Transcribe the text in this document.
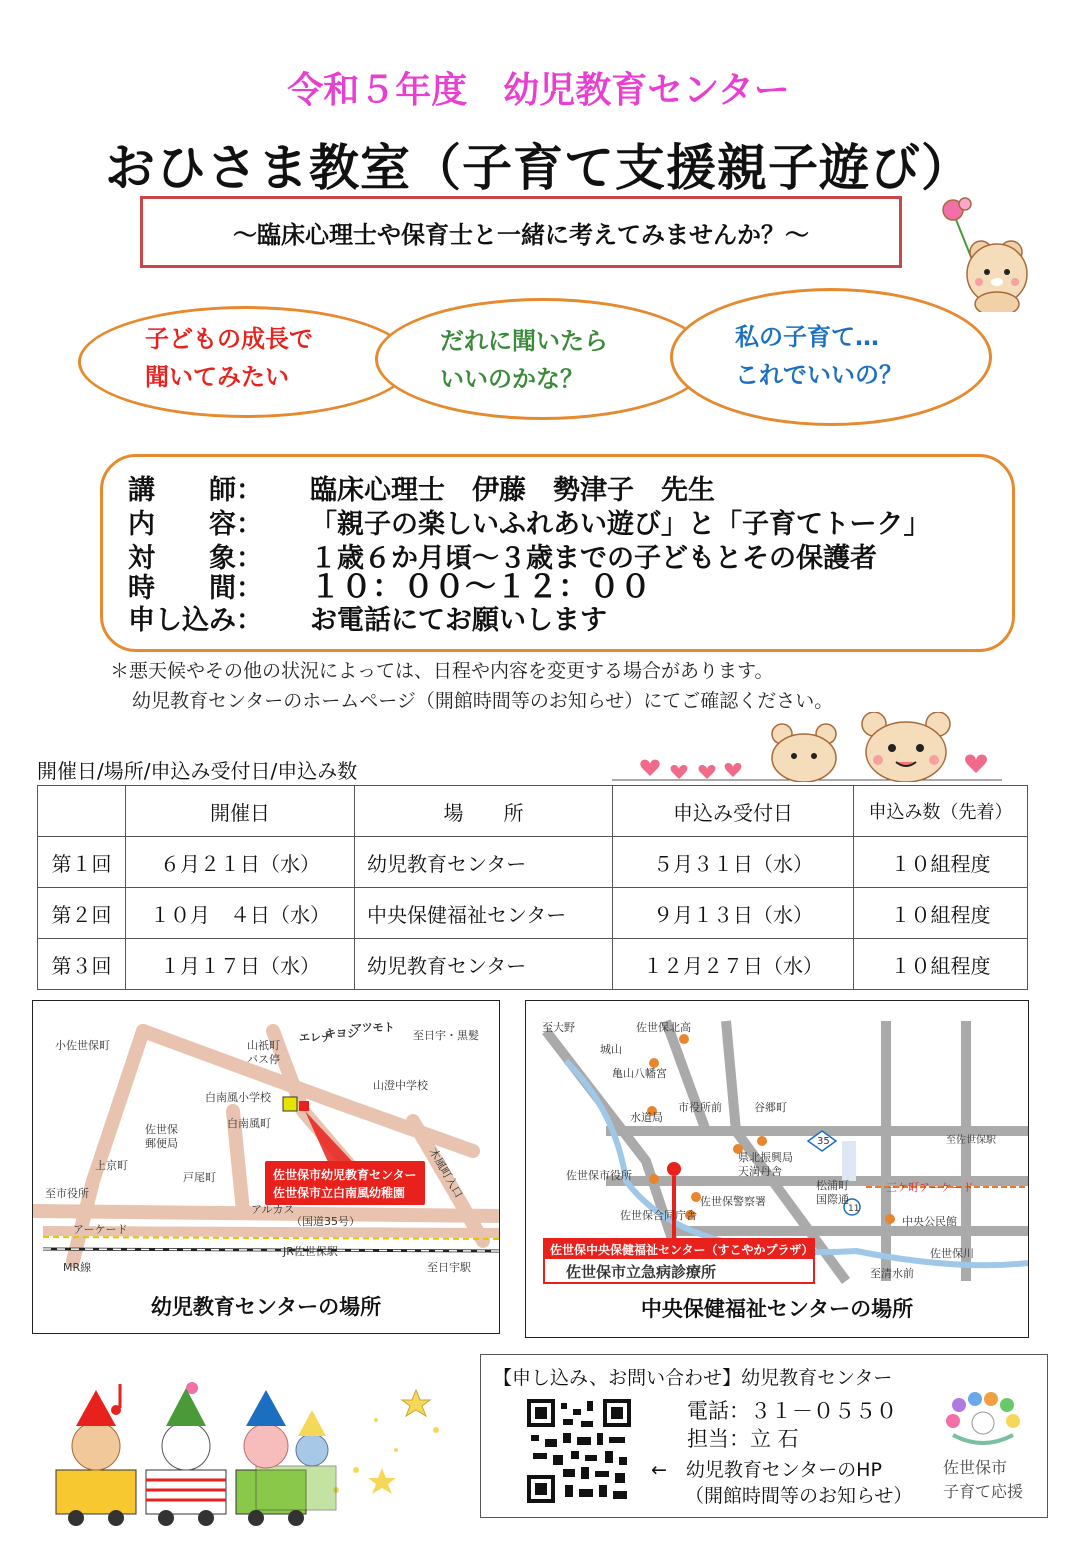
令和５年度　幼児教育センター
おひさま教室（子育て支援親子遊び）
～臨床心理士や保育士と一緒に考えてみませんか？～
子どもの成長で
聞いてみたい
だれに聞いたら
いいのかな？
私の子育て…
これでいいの？
講　　師： 臨床心理士　伊藤　勢津子　先生
内　　容： 「親子の楽しいふれあい遊び」と「子育てトーク」
対　　象： １歳６か月頃～３歳までの子どもとその保護者
時　　間： １０：００～１２：００
申し込み： お電話にてお願いします
＊悪天候やその他の状況によっては、日程や内容を変更する場合があります。
幼児教育センターのホームページ（開館時間等のお知らせ）にてご確認ください。
開催日/場所/申込み受付日/申込み数
	開催日	場　　所	申込み受付日	申込み数（先着）
第１回	６月２１日（水）	幼児教育センター	５月３１日（水）	１０組程度
第２回	１０月　４日（水）	中央保健福祉センター	９月１３日（水）	１０組程度
第３回	１月１７日（水）	幼児教育センター	１２月２７日（水）	１０組程度
佐世保市幼児教育センター
佐世保市立白南風幼稚園
小佐世保町
至日宇・黒髪
山祇町
バス停
エレナ
キヨシ
マツモト
山澄中学校
白南風小学校
白南風町
佐世保
郵便局
上京町
戸尾町
至市役所	木風町入口
アルカス
（国道35号）
アーケード
JR佐世保駅
MR線	至日宇駅
幼児教育センターの場所
佐世保中央保健福祉センター（すこやかプラザ）
佐世保市立急病診療所
至大野	佐世保北高
城山
亀山八幡宮
水道局
市役所前	谷郷町
35	至佐世保駅
県北振興局
天満丹舎
佐世保市役所
佐世保警察署
佐世保合同庁舎
松浦町
国際通
三ケ町アーケード
11
中央公民館
佐世保川
至清水前
中央保健福祉センターの場所
【申し込み、お問い合わせ】幼児教育センター
電話：３１－０５５０
担当：立 石
←　幼児教育センターのHP
（開館時間等のお知らせ）
佐世保市
子育て応援
